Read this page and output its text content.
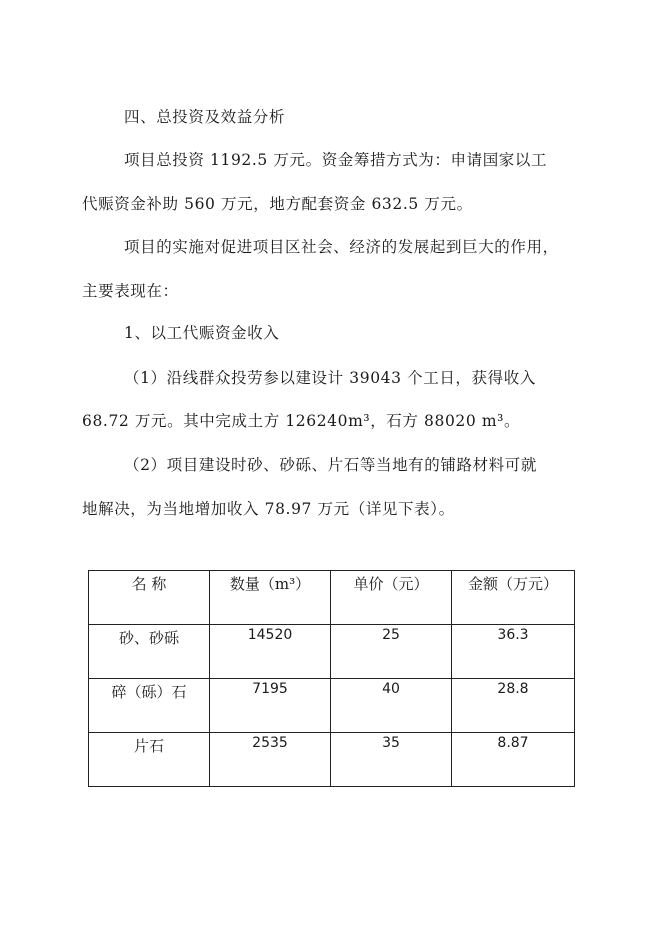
四、总投资及效益分析
项目总投资 1192.5 万元。资金筹措方式为：申请国家以工
代赈资金补助 560 万元，地方配套资金 632.5 万元。
项目的实施对促进项目区社会、经济的发展起到巨大的作用，
主要表现在：
1、以工代赈资金收入
（1）沿线群众投劳参以建设计 39043 个工日，获得收入
68.72 万元。其中完成土方 126240m³，石方 88020 m³。
（2）项目建设时砂、砂砾、片石等当地有的铺路材料可就
地解决，为当地增加收入 78.97 万元（详见下表）。
名 称	数量（m³）	单价（元）	金额（万元）
砂、砂砾	14520	25	36.3
碎（砾）石	7195	40	28.8
片石	2535	35	8.87
